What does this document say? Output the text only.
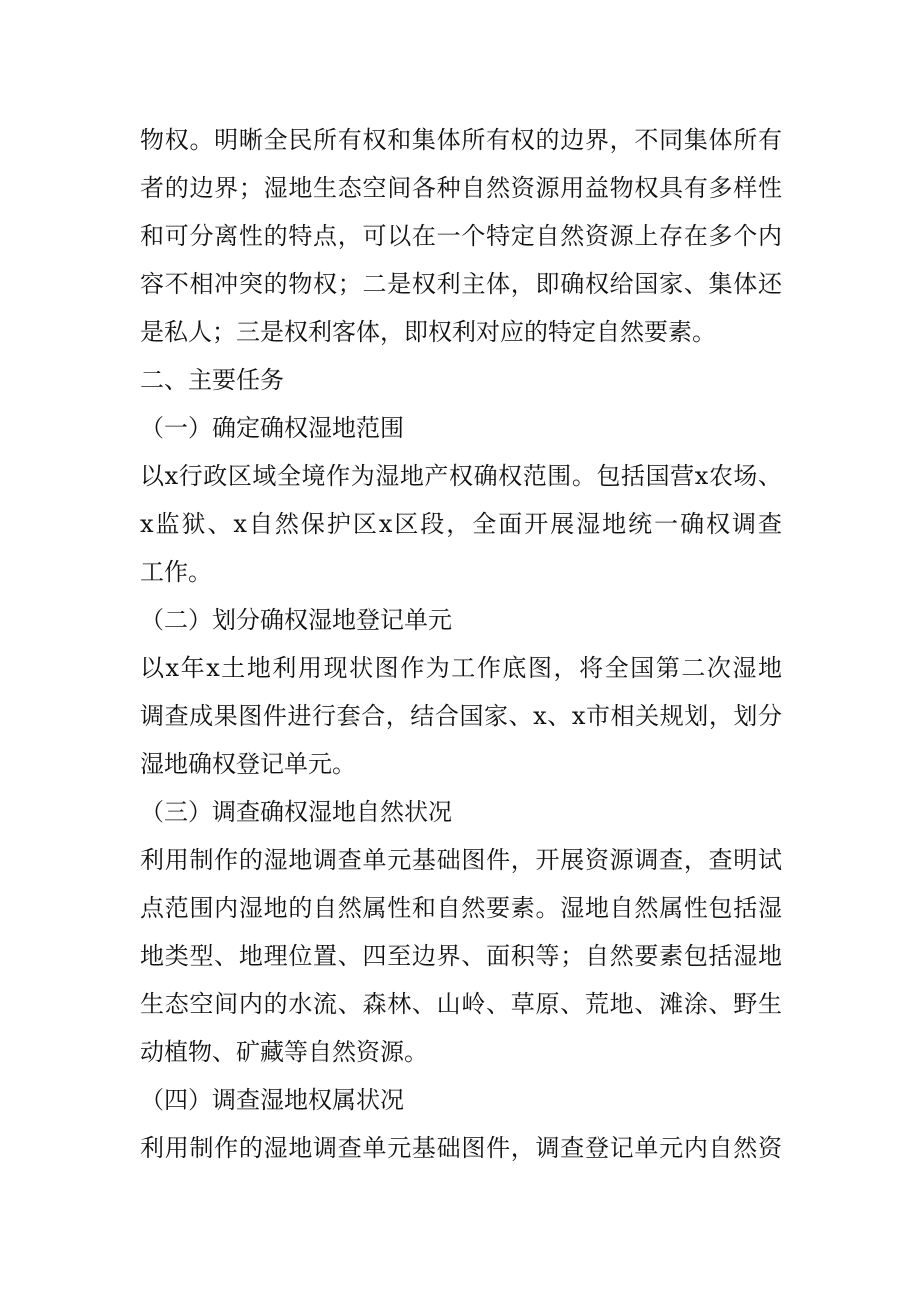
物权。明晰全民所有权和集体所有权的边界，不同集体所有
者的边界；湿地生态空间各种自然资源用益物权具有多样性
和可分离性的特点，可以在一个特定自然资源上存在多个内
容不相冲突的物权；二是权利主体，即确权给国家、集体还
是私人；三是权利客体，即权利对应的特定自然要素。
二、主要任务
（一）确定确权湿地范围
以x行政区域全境作为湿地产权确权范围。包括国营x农场、
x监狱、x自然保护区x区段，全面开展湿地统一确权调查
工作。
（二）划分确权湿地登记单元
以x年x土地利用现状图作为工作底图，将全国第二次湿地
调查成果图件进行套合，结合国家、x、x市相关规划，划分
湿地确权登记单元。
（三）调查确权湿地自然状况
利用制作的湿地调查单元基础图件，开展资源调查，查明试
点范围内湿地的自然属性和自然要素。湿地自然属性包括湿
地类型、地理位置、四至边界、面积等；自然要素包括湿地
生态空间内的水流、森林、山岭、草原、荒地、滩涂、野生
动植物、矿藏等自然资源。
（四）调查湿地权属状况
利用制作的湿地调查单元基础图件，调查登记单元内自然资
